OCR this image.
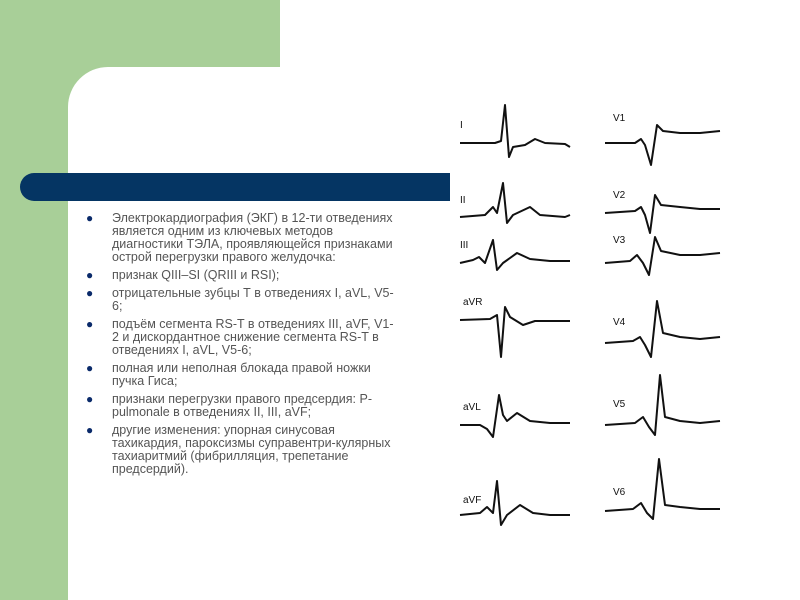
● Электрокардиография (ЭКГ) в 12-ти отведениях является одним из ключевых методов диагностики ТЭЛА, проявляющейся признаками острой перегрузки правого желудочка:
● признак QIII–SI (QRIII и RSI);
● отрицательные зубцы Т в отведениях I, aVL, V5-6;
● подъём сегмента RS-T в отведениях III, aVF, V1-2 и дискордантное снижение сегмента RS-T в отведениях I, aVL, V5-6;
● полная или неполная блокада правой ножки пучка Гиса;
● признаки перегрузки правого предсердия: P-pulmonale в отведениях II, III, aVF;
● другие изменения: упорная синусовая тахикардия, пароксизмы суправентри-кулярных тахиаритмий (фибрилляция, трепетание предсердий).
I
II
III
aVR
aVL
aVF
V1
V2
V3
V4
V5
V6
